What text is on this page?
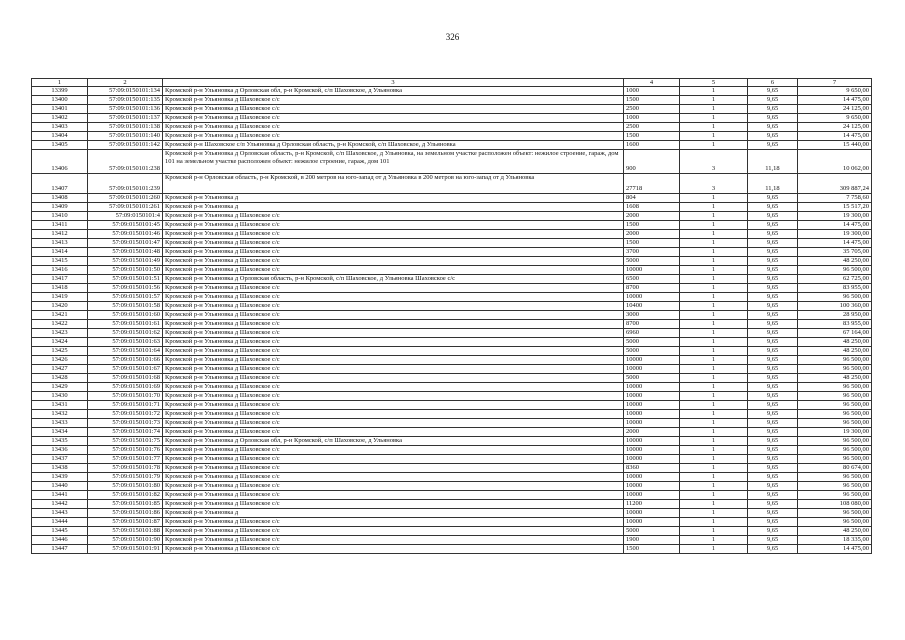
326
1	2	3	4	5	6	7
13399	57:09:0150101:134	Кромской р-н Ульяновка д Орловская обл, р-н Кромской, с/п Шаховское, д Ульяновка	1000	1	9,65	9 650,00
13400	57:09:0150101:135	Кромской р-н Ульяновка д Шаховское с/с	1500	1	9,65	14 475,00
13401	57:09:0150101:136	Кромской р-н Ульяновка д Шаховское с/с	2500	1	9,65	24 125,00
13402	57:09:0150101:137	Кромской р-н Ульяновка д Шаховское с/с	1000	1	9,65	9 650,00
13403	57:09:0150101:138	Кромской р-н Ульяновка д Шаховское с/с	2500	1	9,65	24 125,00
13404	57:09:0150101:140	Кромской р-н Ульяновка д Шаховское с/с	1500	1	9,65	14 475,00
13405	57:09:0150101:142	Кромской р-н Шаховское с/п Ульяновка д Орловская область, р-н Кромской, с/п Шаховское, д Ульяновка	1600	1	9,65	15 440,00
13406	57:09:0150101:238	Кромской р-н Ульяновка д Орловская область, р-н Кромской, с/п Шаховское, д Ульяновка, на земельном участке расположен объект: нежилое строение, гараж, дом 101 на земельном участке расположен объект: нежилое строение, гараж, дом 101	900	3	11,18	10 062,00
13407	57:09:0150101:239	Кромской р-н Орловская область, р-н Кромской, в 200 метров на юго-запад от д Ульяновка в 200 метров на юго-запад от д Ульяновка	27718	3	11,18	309 887,24
13408	57:09:0150101:260	Кромской р-н Ульяновка д	804	1	9,65	7 758,60
13409	57:09:0150101:261	Кромской р-н Ульяновка д	1608	1	9,65	15 517,20
13410	57:09:0150101:4	Кромской р-н Ульяновка д Шаховское с/с	2000	1	9,65	19 300,00
13411	57:09:0150101:45	Кромской р-н Ульяновка д Шаховское с/с	1500	1	9,65	14 475,00
13412	57:09:0150101:46	Кромской р-н Ульяновка д Шаховское с/с	2000	1	9,65	19 300,00
13413	57:09:0150101:47	Кромской р-н Ульяновка д Шаховское с/с	1500	1	9,65	14 475,00
13414	57:09:0150101:48	Кромской р-н Ульяновка д Шаховское с/с	3700	1	9,65	35 705,00
13415	57:09:0150101:49	Кромской р-н Ульяновка д Шаховское с/с	5000	1	9,65	48 250,00
13416	57:09:0150101:50	Кромской р-н Ульяновка д Шаховское с/с	10000	1	9,65	96 500,00
13417	57:09:0150101:51	Кромской р-н Ульяновка д Орловская область, р-н Кромской, с/п Шаховское, д Ульяновка Шаховское с/с	6500	1	9,65	62 725,00
13418	57:09:0150101:56	Кромской р-н Ульяновка д Шаховское с/с	8700	1	9,65	83 955,00
13419	57:09:0150101:57	Кромской р-н Ульяновка д Шаховское с/с	10000	1	9,65	96 500,00
13420	57:09:0150101:58	Кромской р-н Ульяновка д Шаховское с/с	10400	1	9,65	100 360,00
13421	57:09:0150101:60	Кромской р-н Ульяновка д Шаховское с/с	3000	1	9,65	28 950,00
13422	57:09:0150101:61	Кромской р-н Ульяновка д Шаховское с/с	8700	1	9,65	83 955,00
13423	57:09:0150101:62	Кромской р-н Ульяновка д Шаховское с/с	6960	1	9,65	67 164,00
13424	57:09:0150101:63	Кромской р-н Ульяновка д Шаховское с/с	5000	1	9,65	48 250,00
13425	57:09:0150101:64	Кромской р-н Ульяновка д Шаховское с/с	5000	1	9,65	48 250,00
13426	57:09:0150101:66	Кромской р-н Ульяновка д Шаховское с/с	10000	1	9,65	96 500,00
13427	57:09:0150101:67	Кромской р-н Ульяновка д Шаховское с/с	10000	1	9,65	96 500,00
13428	57:09:0150101:68	Кромской р-н Ульяновка д Шаховское с/с	5000	1	9,65	48 250,00
13429	57:09:0150101:69	Кромской р-н Ульяновка д Шаховское с/с	10000	1	9,65	96 500,00
13430	57:09:0150101:70	Кромской р-н Ульяновка д Шаховское с/с	10000	1	9,65	96 500,00
13431	57:09:0150101:71	Кромской р-н Ульяновка д Шаховское с/с	10000	1	9,65	96 500,00
13432	57:09:0150101:72	Кромской р-н Ульяновка д Шаховское с/с	10000	1	9,65	96 500,00
13433	57:09:0150101:73	Кромской р-н Ульяновка д Шаховское с/с	10000	1	9,65	96 500,00
13434	57:09:0150101:74	Кромской р-н Ульяновка д Шаховское с/с	2000	1	9,65	19 300,00
13435	57:09:0150101:75	Кромской р-н Ульяновка д Орловская обл, р-н Кромской, с/п Шаховское, д Ульяновка	10000	1	9,65	96 500,00
13436	57:09:0150101:76	Кромской р-н Ульяновка д Шаховское с/с	10000	1	9,65	96 500,00
13437	57:09:0150101:77	Кромской р-н Ульяновка д Шаховское с/с	10000	1	9,65	96 500,00
13438	57:09:0150101:78	Кромской р-н Ульяновка д Шаховское с/с	8360	1	9,65	80 674,00
13439	57:09:0150101:79	Кромской р-н Ульяновка д Шаховское с/с	10000	1	9,65	96 500,00
13440	57:09:0150101:80	Кромской р-н Ульяновка д Шаховское с/с	10000	1	9,65	96 500,00
13441	57:09:0150101:82	Кромской р-н Ульяновка д Шаховское с/с	10000	1	9,65	96 500,00
13442	57:09:0150101:85	Кромской р-н Ульяновка д Шаховское с/с	11200	1	9,65	108 080,00
13443	57:09:0150101:86	Кромской р-н Ульяновка д	10000	1	9,65	96 500,00
13444	57:09:0150101:87	Кромской р-н Ульяновка д Шаховское с/с	10000	1	9,65	96 500,00
13445	57:09:0150101:88	Кромской р-н Ульяновка д Шаховское с/с	5000	1	9,65	48 250,00
13446	57:09:0150101:90	Кромской р-н Ульяновка д Шаховское с/с	1900	1	9,65	18 335,00
13447	57:09:0150101:91	Кромской р-н Ульяновка д Шаховское с/с	1500	1	9,65	14 475,00
